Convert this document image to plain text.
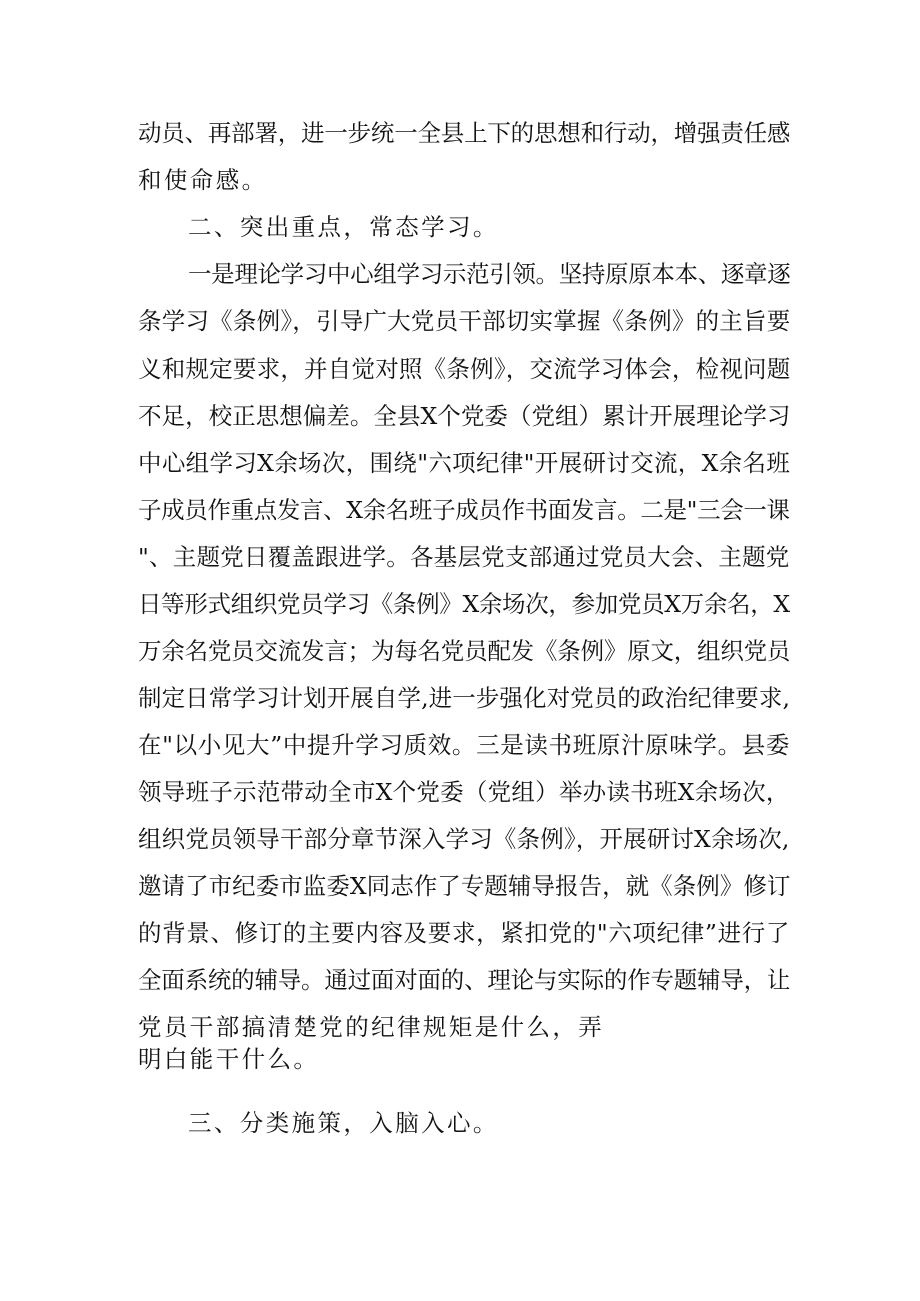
动员、再部署，进一步统一全县上下的思想和行动，增强责任感
和使命感。
二、突出重点，常态学习。
一是理论学习中心组学习示范引领。坚持原原本本、逐章逐
条学习《条例》，引导广大党员干部切实掌握《条例》的主旨要
义和规定要求，并自觉对照《条例》，交流学习体会，检视问题
不足，校正思想偏差。全县X个党委（党组）累计开展理论学习
中心组学习X余场次，围绕"六项纪律"开展研讨交流，X余名班
子成员作重点发言、X余名班子成员作书面发言。二是"三会一课
"、主题党日覆盖跟进学。各基层党支部通过党员大会、主题党
日等形式组织党员学习《条例》X余场次，参加党员X万余名，X
万余名党员交流发言；为每名党员配发《条例》原文，组织党员
制定日常学习计划开展自学,进一步强化对党员的政治纪律要求,
在"以小见大”中提升学习质效。三是读书班原汁原味学。县委
领导班子示范带动全市X个党委（党组）举办读书班X余场次，
组织党员领导干部分章节深入学习《条例》，开展研讨X余场次,
邀请了市纪委市监委X同志作了专题辅导报告，就《条例》修订
的背景、修订的主要内容及要求，紧扣党的"六项纪律”进行了
全面系统的辅导。通过面对面的、理论与实际的作专题辅导，让
党员干部搞清楚党的纪律规矩是什么，弄
明白能干什么。
三、分类施策，入脑入心。
